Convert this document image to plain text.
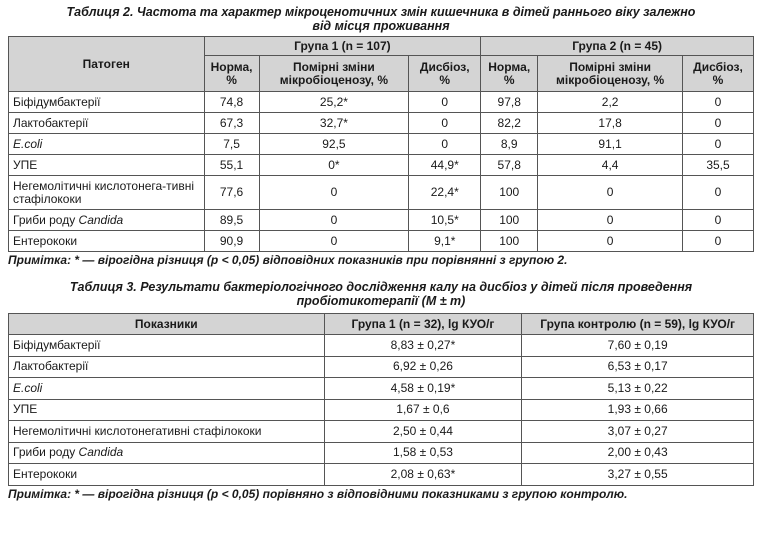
Таблиця 2. Частота та характер мікроценотичних змін кишечника в дітей раннього віку залежно
від місця проживання

Патоген	Група 1 (n = 107)			Група 2 (n = 45)		
	Норма, %	Помірні зміни мікробіоценозу, %	Дисбіоз, %	Норма, %	Помірні зміни мікробіоценозу, %	Дисбіоз, %
Біфідумбактерії	74,8	25,2*	0	97,8	2,2	0
Лактобактерії	67,3	32,7*	0	82,2	17,8	0
E.coli	7,5	92,5	0	8,9	91,1	0
УПЕ	55,1	0*	44,9*	57,8	4,4	35,5
Негемолітичні кислотонега-тивні стафілококи	77,6	0	22,4*	100	0	0
Гриби роду Candida	89,5	0	10,5*	100	0	0
Ентерококи	90,9	0	9,1*	100	0	0

Примітка: * — вірогідна різниця (р < 0,05) відповідних показників при порівнянні з групою 2.

Таблиця 3. Результати бактеріологічного дослідження калу на дисбіоз у дітей після проведення
пробіотикотерапії (М ± m)

Показники	Група 1 (n = 32), lg КУО/г	Група контролю (n = 59), lg КУО/г
Біфідумбактерії	8,83 ± 0,27*	7,60 ± 0,19
Лактобактерії	6,92 ± 0,26	6,53 ± 0,17
E.coli	4,58 ± 0,19*	5,13 ± 0,22
УПЕ	1,67 ± 0,6	1,93 ± 0,66
Негемолітичні кислотонегативні стафілококи	2,50 ± 0,44	3,07 ± 0,27
Гриби роду Candida	1,58 ± 0,53	2,00 ± 0,43
Ентерококи	2,08 ± 0,63*	3,27 ± 0,55

Примітка: * — вірогідна різниця (р < 0,05) порівняно з відповідними показниками з групою контролю.
